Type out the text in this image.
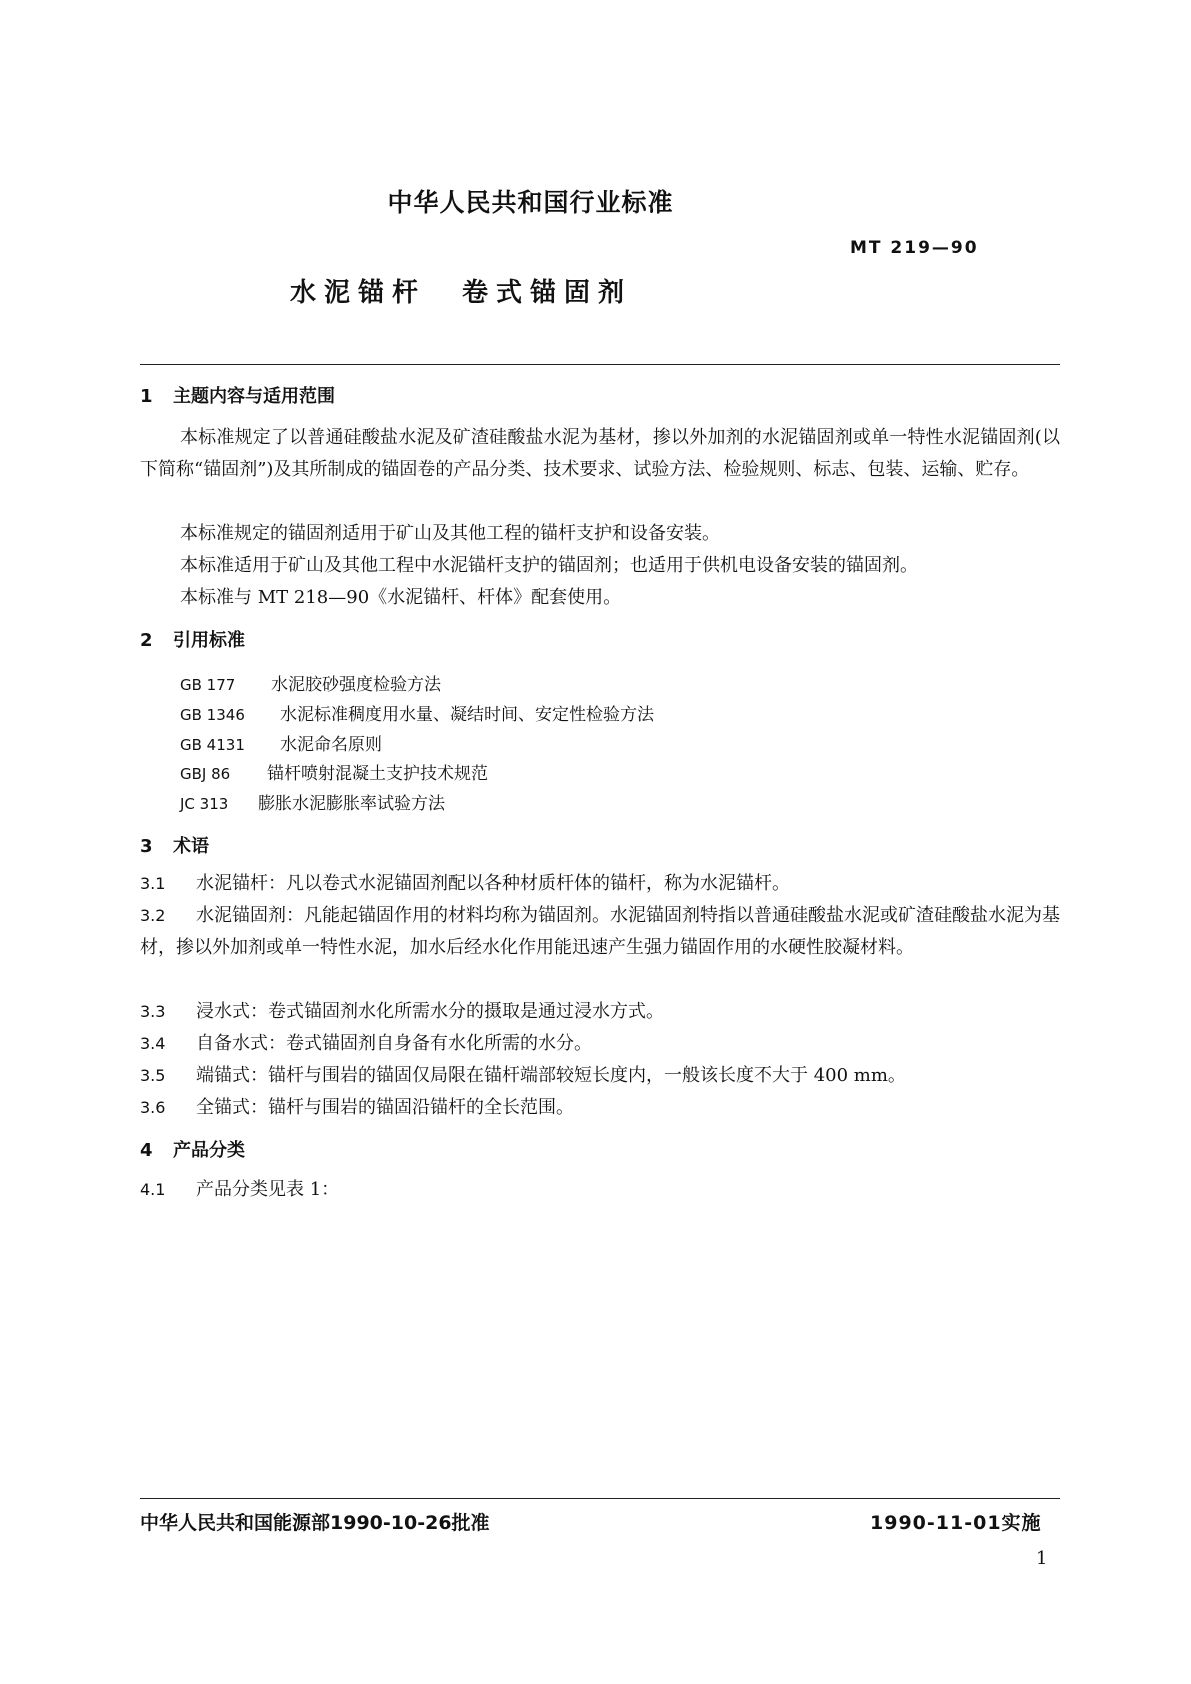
中华人民共和国行业标准
MT 219—90
水泥锚杆 卷式锚固剂
1 主题内容与适用范围
本标准规定了以普通硅酸盐水泥及矿渣硅酸盐水泥为基材，掺以外加剂的水泥锚固剂或单一特性水泥锚固剂(以下简称“锚固剂”)及其所制成的锚固卷的产品分类、技术要求、试验方法、检验规则、标志、包装、运输、贮存。
本标准规定的锚固剂适用于矿山及其他工程的锚杆支护和设备安装。
本标准适用于矿山及其他工程中水泥锚杆支护的锚固剂；也适用于供机电设备安装的锚固剂。
本标准与 MT 218—90《水泥锚杆、杆体》配套使用。
2 引用标准
GB 177 水泥胶砂强度检验方法
GB 1346 水泥标准稠度用水量、凝结时间、安定性检验方法
GB 4131 水泥命名原则
GBJ 86 锚杆喷射混凝土支护技术规范
JC 313 膨胀水泥膨胀率试验方法
3 术语
3.1 水泥锚杆：凡以卷式水泥锚固剂配以各种材质杆体的锚杆，称为水泥锚杆。
3.2 水泥锚固剂：凡能起锚固作用的材料均称为锚固剂。水泥锚固剂特指以普通硅酸盐水泥或矿渣硅酸盐水泥为基材，掺以外加剂或单一特性水泥，加水后经水化作用能迅速产生强力锚固作用的水硬性胶凝材料。
3.3 浸水式：卷式锚固剂水化所需水分的摄取是通过浸水方式。
3.4 自备水式：卷式锚固剂自身备有水化所需的水分。
3.5 端锚式：锚杆与围岩的锚固仅局限在锚杆端部较短长度内，一般该长度不大于 400 mm。
3.6 全锚式：锚杆与围岩的锚固沿锚杆的全长范围。
4 产品分类
4.1 产品分类见表 1：
中华人民共和国能源部1990-10-26批准	1990-11-01实施
1
